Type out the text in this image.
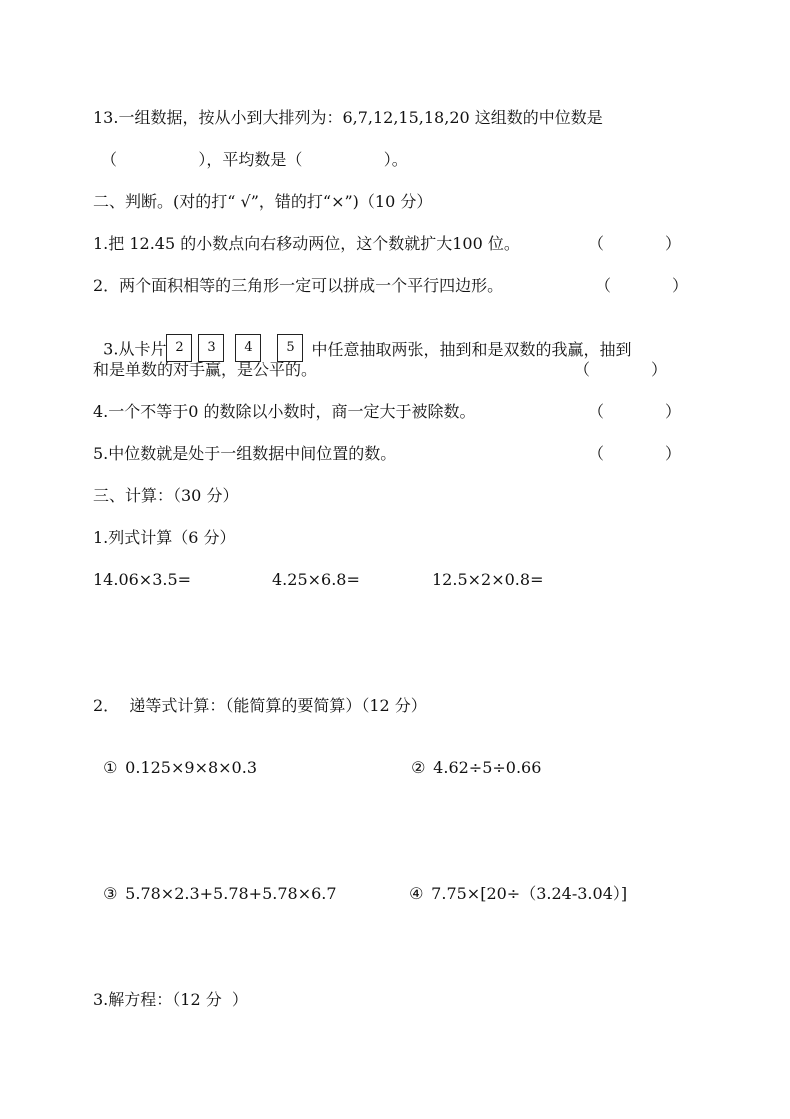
13.一组数据，按从小到大排列为：6,7,12,15,18,20 这组数的中位数是
（                ），平均数是（                ）。
二、判断。(对的打“ √”，错的打“×”)（10 分）
1.把 12.45 的小数点向右移动两位，这个数就扩大100 位。	（            ）
2．两个面积相等的三角形一定可以拼成一个平行四边形。	（            ）

3.从卡片 2 3 4	5 中任意抽取两张，抽到和是双数的我赢，抽到

和是单数的对手赢，是公平的。	（            ）
4.一个不等于0 的数除以小数时，商一定大于被除数。	（            ）
5.中位数就是处于一组数据中间位置的数。	（            ）
三、计算：（30 分）
1.列式计算（6 分）
14.06×3.5=	4.25×6.8=	12.5×2×0.8=
2．  递等式计算：（能简算的要简算）（12 分）

① 0.125×9×8×0.3	② 4.62÷5÷0.66

③ 5.78×2.3+5.78+5.78×6.7	④ 7.75×[20÷（3.24-3.04）]

3.解方程：（12 分  ）
